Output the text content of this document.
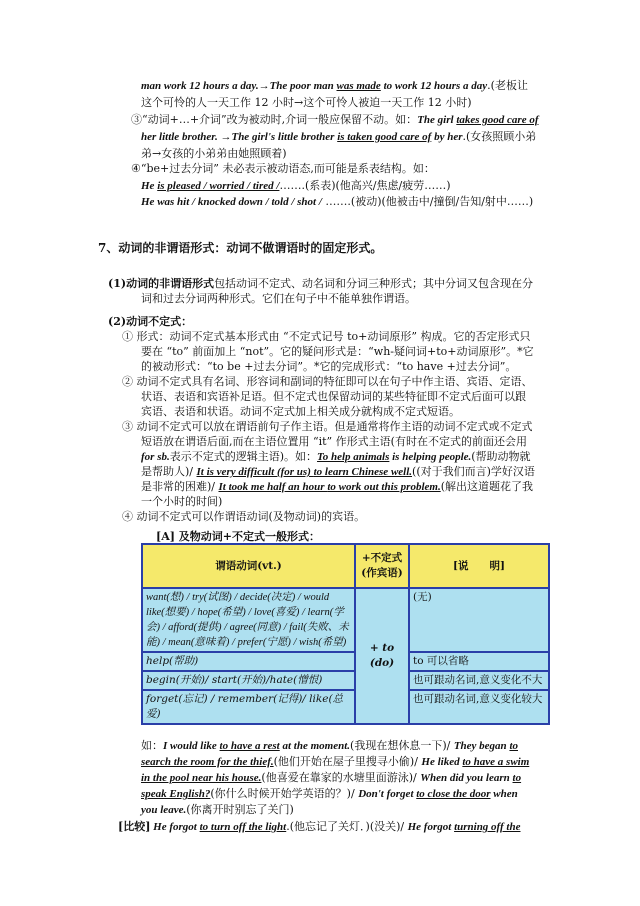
man work 12 hours a day.→The poor man was made to work 12 hours a day.(老板让
这个可怜的人一天工作 12 小时→这个可怜人被迫一天工作 12 小时)
③“动词+…+介词”改为被动时,介词一般应保留不动。如：The girl takes good care of
her little brother. →The girl's little brother is taken good care of by her.(女孩照顾小弟
弟→女孩的小弟弟由她照顾着)
④“be+过去分词” 未必表示被动语态,而可能是系表结构。如：
He is pleased / worried / tired /…….(系表)(他高兴/焦虑/疲劳……)
He was hit / knocked down / told / shot / …….(被动)(他被击中/撞倒/告知/射中……)
7、动词的非谓语形式：动词不做谓语时的固定形式。
(1)动词的非谓语形式包括动词不定式、动名词和分词三种形式；其中分词又包含现在分
词和过去分词两种形式。它们在句子中不能单独作谓语。
(2)动词不定式：
① 形式：动词不定式基本形式由 “不定式记号 to+动词原形” 构成。它的否定形式只
要在 “to” 前面加上 “not”。它的疑问形式是：“wh-疑问词+to+动词原形”。*它
的被动形式：“to be +过去分词”。*它的完成形式：“to have +过去分词”。
② 动词不定式具有名词、形容词和副词的特征即可以在句子中作主语、宾语、定语、
状语、表语和宾语补足语。但不定式也保留动词的某些特征即不定式后面可以跟
宾语、表语和状语。动词不定式加上相关成分就构成不定式短语。
③ 动词不定式可以放在谓语前句子作主语。但是通常将作主语的动词不定式或不定式
短语放在谓语后面,而在主语位置用 “it” 作形式主语(有时在不定式的前面还会用
for sb.表示不定式的逻辑主语)。如：To help animals is helping people.(帮助动物就
是帮助人)/ It is very difficult (for us) to learn Chinese well.((对于我们而言)学好汉语
是非常的困难)/ It took me half an hour to work out this problem.(解出这道题花了我
一个小时的时间)
④ 动词不定式可以作谓语动词(及物动词)的宾语。
[A] 及物动词+不定式一般形式：
谓语动词(vt.)	+不定式(作宾语)	[说　　明]
want(想) / try(试图) / decide(决定) / would like(想要) / hope(希望) / love(喜爱) / learn(学会) / afford(提供) / agree(同意) / fail(失败、未能) / mean(意味着) / prefer(宁愿) / wish(希望)	+ to (do)	(无)
help(帮助)		to 可以省略
begin(开始)/ start(开始)/hate(憎恨)		也可跟动名词,意义变化不大
forget(忘记) / remember(记得)/ like(总爱)		也可跟动名词,意义变化较大
如：I would like to have a rest at the moment.(我现在想休息一下)/ They began to
search the room for the thief.(他们开始在屋子里搜寻小偷)/ He liked to have a swim
in the pool near his house.(他喜爱在靠家的水塘里面游泳)/ When did you learn to
speak English?(你什么时候开始学英语的？)/ Don't forget to close the door when
you leave.(你离开时别忘了关门)
[比较] He forgot to turn off the light.(他忘记了关灯．)(没关)/ He forgot turning off the
